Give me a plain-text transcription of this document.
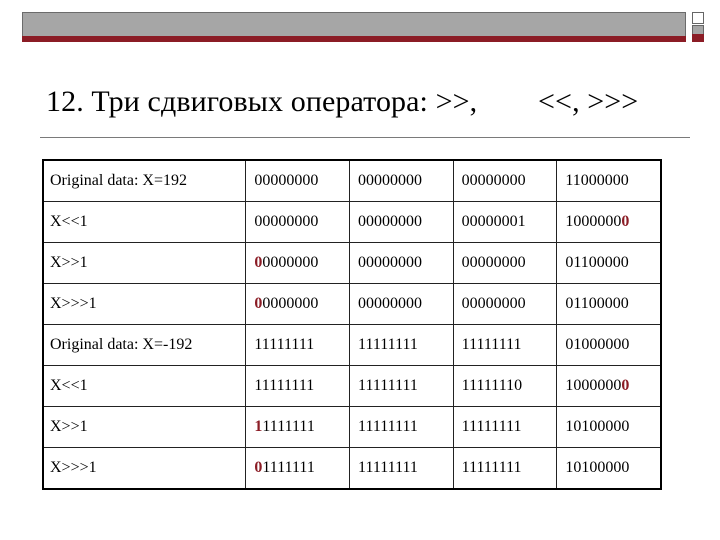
12. Три сдвиговых оператора: >>,        <<, >>>
Original data: X=192	00000000	00000000	00000000	11000000
X<<1	00000000	00000000	00000001	10000000
X>>1	00000000	00000000	00000000	01100000
X>>>1	00000000	00000000	00000000	01100000
Original data: X=-192	11111111	11111111	11111111	01000000
X<<1	11111111	11111111	11111110	10000000
X>>1	11111111	11111111	11111111	10100000
X>>>1	01111111	11111111	11111111	10100000
